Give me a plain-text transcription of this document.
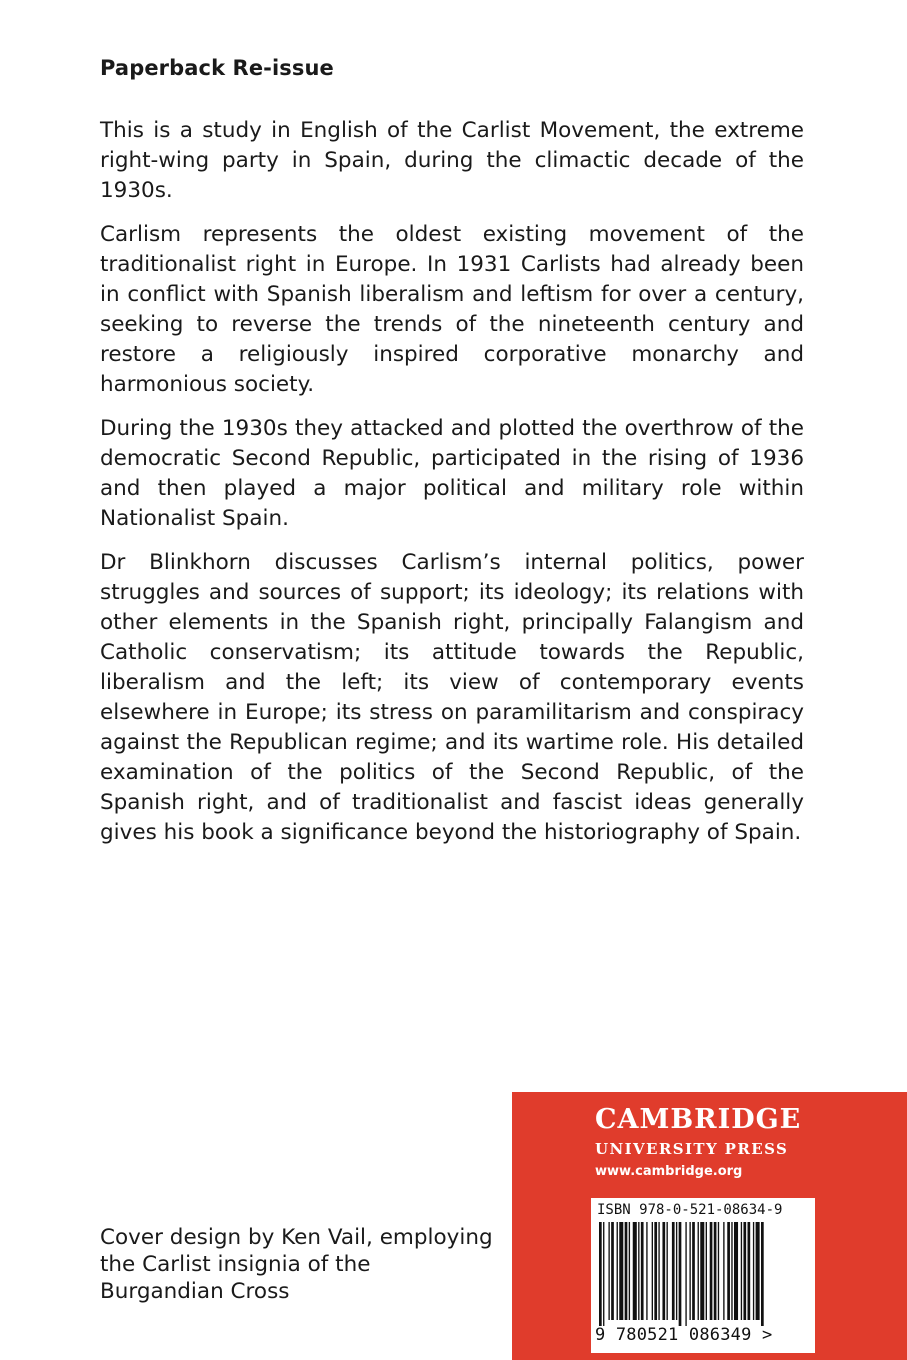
Paperback Re-issue

This is a study in English of the Carlist Movement, the extreme right-wing party in Spain, during the climactic decade of the 1930s.

Carlism represents the oldest existing movement of the traditionalist right in Europe. In 1931 Carlists had already been in conflict with Spanish liberalism and leftism for over a century, seeking to reverse the trends of the nineteenth century and restore a religiously inspired corporative monarchy and harmonious society.

During the 1930s they attacked and plotted the overthrow of the democratic Second Republic, participated in the rising of 1936 and then played a major political and military role within Nationalist Spain.

Dr Blinkhorn discusses Carlism’s internal politics, power struggles and sources of support; its ideology; its relations with other elements in the Spanish right, principally Falangism and Catholic conservatism; its attitude towards the Republic, liberalism and the left; its view of contemporary events elsewhere in Europe; its stress on paramilitarism and conspiracy against the Republican regime; and its wartime role. His detailed examination of the politics of the Second Republic, of the Spanish right, and of traditionalist and fascist ideas generally gives his book a significance beyond the historiography of Spain.

Cover design by Ken Vail, employing the Carlist insignia of the Burgandian Cross
CAMBRIDGE
UNIVERSITY PRESS
www.cambridge.org
ISBN 978-0-521-08634-9
9 780521 086349 >
